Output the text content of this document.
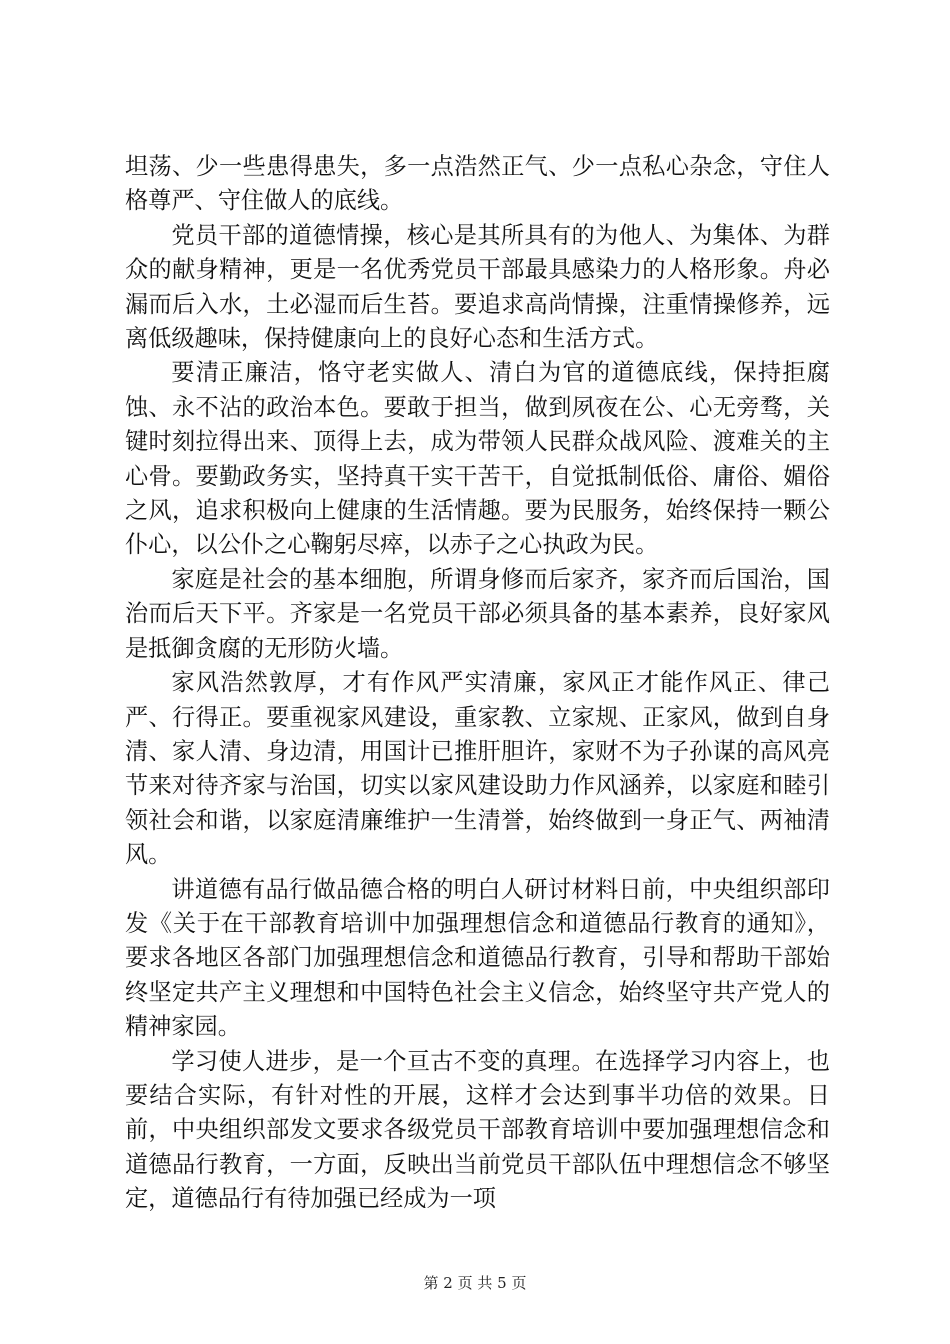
坦荡、少一些患得患失，多一点浩然正气、少一点私心杂念，守住人格尊严、守住做人的底线。

党员干部的道德情操，核心是其所具有的为他人、为集体、为群众的献身精神，更是一名优秀党员干部最具感染力的人格形象。舟必漏而后入水，土必湿而后生苔。要追求高尚情操，注重情操修养，远离低级趣味，保持健康向上的良好心态和生活方式。

要清正廉洁，恪守老实做人、清白为官的道德底线，保持拒腐蚀、永不沾的政治本色。要敢于担当，做到夙夜在公、心无旁骛，关键时刻拉得出来、顶得上去，成为带领人民群众战风险、渡难关的主心骨。要勤政务实，坚持真干实干苦干，自觉抵制低俗、庸俗、媚俗之风，追求积极向上健康的生活情趣。要为民服务，始终保持一颗公仆心，以公仆之心鞠躬尽瘁，以赤子之心执政为民。

家庭是社会的基本细胞，所谓身修而后家齐，家齐而后国治，国治而后天下平。齐家是一名党员干部必须具备的基本素养，良好家风是抵御贪腐的无形防火墙。

家风浩然敦厚，才有作风严实清廉，家风正才能作风正、律己严、行得正。要重视家风建设，重家教、立家规、正家风，做到自身清、家人清、身边清，用国计已推肝胆许，家财不为子孙谋的高风亮节来对待齐家与治国，切实以家风建设助力作风涵养，以家庭和睦引领社会和谐，以家庭清廉维护一生清誉，始终做到一身正气、两袖清风。

讲道德有品行做品德合格的明白人研讨材料日前，中央组织部印发《关于在干部教育培训中加强理想信念和道德品行教育的通知》，要求各地区各部门加强理想信念和道德品行教育，引导和帮助干部始终坚定共产主义理想和中国特色社会主义信念，始终坚守共产党人的精神家园。

学习使人进步，是一个亘古不变的真理。在选择学习内容上，也要结合实际，有针对性的开展，这样才会达到事半功倍的效果。日前，中央组织部发文要求各级党员干部教育培训中要加强理想信念和道德品行教育，一方面，反映出当前党员干部队伍中理想信念不够坚定，道德品行有待加强已经成为一项

第 2 页 共 5 页
